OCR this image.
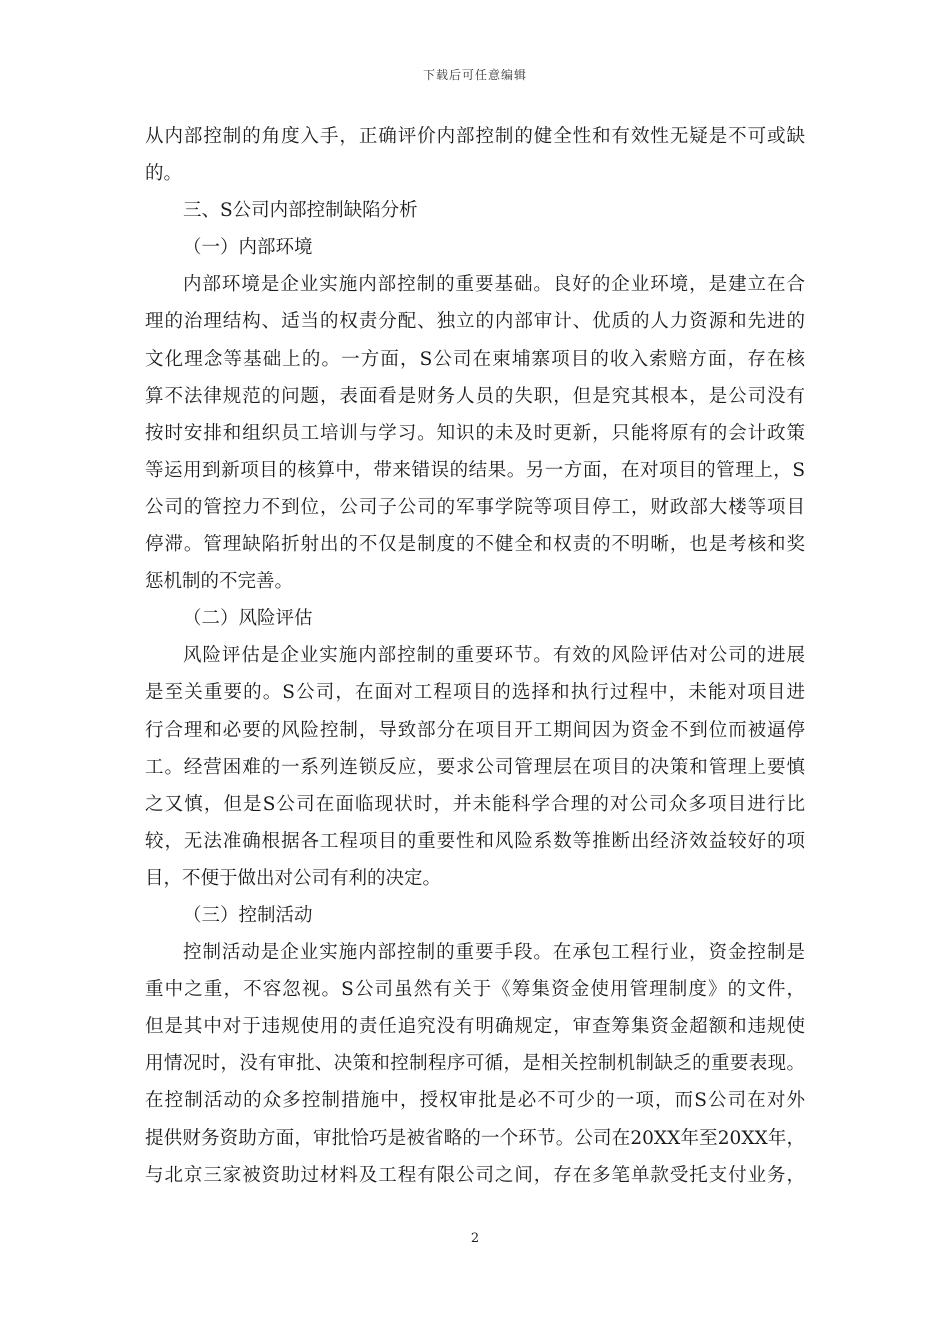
下载后可任意编辑
从内部控制的角度入手，正确评价内部控制的健全性和有效性无疑是不可或缺
的。
三、S公司内部控制缺陷分析
（一）内部环境
内部环境是企业实施内部控制的重要基础。良好的企业环境，是建立在合
理的治理结构、适当的权责分配、独立的内部审计、优质的人力资源和先进的
文化理念等基础上的。一方面，S公司在柬埔寨项目的收入索赔方面，存在核
算不法律规范的问题，表面看是财务人员的失职，但是究其根本，是公司没有
按时安排和组织员工培训与学习。知识的未及时更新，只能将原有的会计政策
等运用到新项目的核算中，带来错误的结果。另一方面，在对项目的管理上，S
公司的管控力不到位，公司子公司的军事学院等项目停工，财政部大楼等项目
停滞。管理缺陷折射出的不仅是制度的不健全和权责的不明晰，也是考核和奖
惩机制的不完善。
（二）风险评估
风险评估是企业实施内部控制的重要环节。有效的风险评估对公司的进展
是至关重要的。S公司，在面对工程项目的选择和执行过程中，未能对项目进
行合理和必要的风险控制，导致部分在项目开工期间因为资金不到位而被逼停
工。经营困难的一系列连锁反应，要求公司管理层在项目的决策和管理上要慎
之又慎，但是S公司在面临现状时，并未能科学合理的对公司众多项目进行比
较，无法准确根据各工程项目的重要性和风险系数等推断出经济效益较好的项
目，不便于做出对公司有利的决定。
（三）控制活动
控制活动是企业实施内部控制的重要手段。在承包工程行业，资金控制是
重中之重，不容忽视。S公司虽然有关于《筹集资金使用管理制度》的文件，
但是其中对于违规使用的责任追究没有明确规定，审查筹集资金超额和违规使
用情况时，没有审批、决策和控制程序可循，是相关控制机制缺乏的重要表现。
在控制活动的众多控制措施中，授权审批是必不可少的一项，而S公司在对外
提供财务资助方面，审批恰巧是被省略的一个环节。公司在20XX年至20XX年，
与北京三家被资助过材料及工程有限公司之间，存在多笔单款受托支付业务，
2
